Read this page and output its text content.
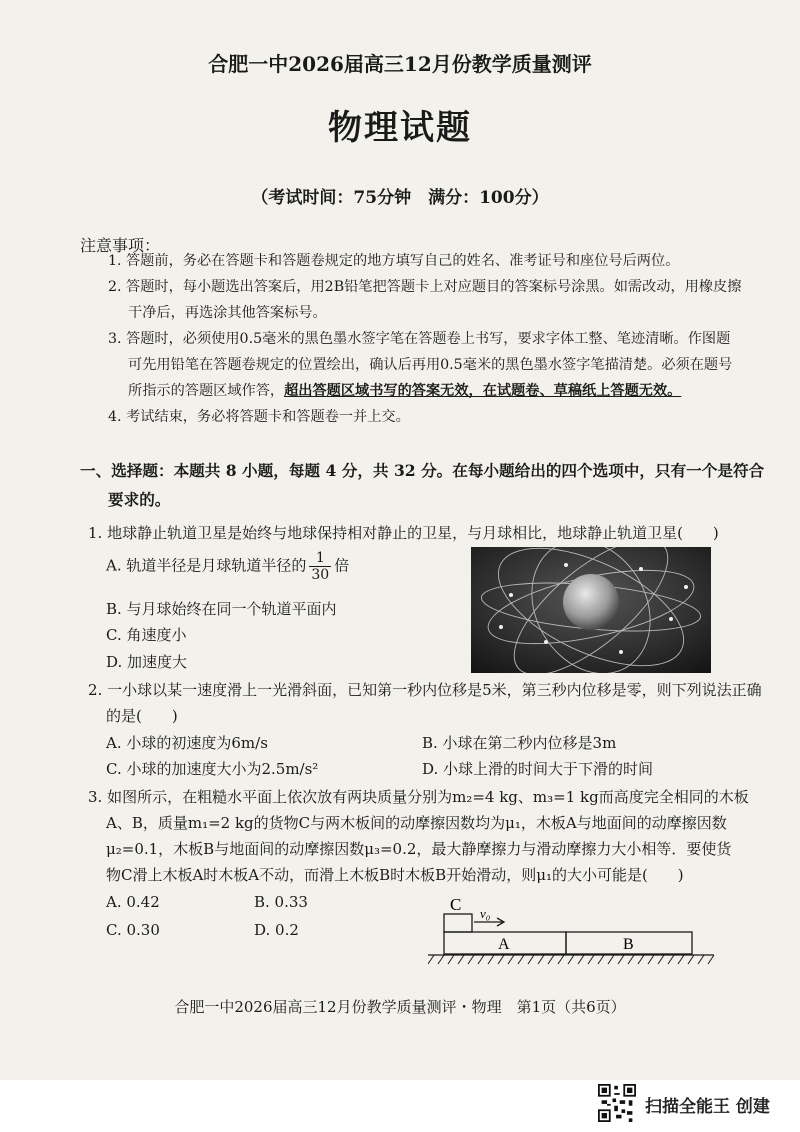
合肥一中2026届高三12月份教学质量测评
物理试题
（考试时间：75分钟　满分：100分）
注意事项：
1. 答题前，务必在答题卡和答题卷规定的地方填写自己的姓名、准考证号和座位号后两位。
2. 答题时，每小题选出答案后，用2B铅笔把答题卡上对应题目的答案标号涂黑。如需改动，用橡皮擦
干净后，再选涂其他答案标号。
3. 答题时，必须使用0.5毫米的黑色墨水签字笔在答题卷上书写，要求字体工整、笔迹清晰。作图题
可先用铅笔在答题卷规定的位置绘出，确认后再用0.5毫米的黑色墨水签字笔描清楚。必须在题号
所指示的答题区域作答，超出答题区域书写的答案无效，在试题卷、草稿纸上答题无效。
4. 考试结束，务必将答题卡和答题卷一并上交。
一、选择题：本题共 8 小题，每题 4 分，共 32 分。在每小题给出的四个选项中，只有一个是符合
要求的。
1. 地球静止轨道卫星是始终与地球保持相对静止的卫星，与月球相比，地球静止轨道卫星(　　)
A. 轨道半径是月球轨道半径的 $\frac{1}{30}$ 倍
B. 与月球始终在同一个轨道平面内
C. 角速度小
D. 加速度大
2. 一小球以某一速度滑上一光滑斜面，已知第一秒内位移是5米，第三秒内位移是零，则下列说法正确
的是(　　)
A. 小球的初速度为6m/s	B. 小球在第二秒内位移是3m
C. 小球的加速度大小为2.5m/s²	D. 小球上滑的时间大于下滑的时间
3. 如图所示，在粗糙水平面上依次放有两块质量分别为m₂=4 kg、m₃=1 kg而高度完全相同的木板
A、B，质量m₁=2 kg的货物C与两木板间的动摩擦因数均为μ₁，木板A与地面间的动摩擦因数
μ₂=0.1，木板B与地面间的动摩擦因数μ₃=0.2，最大静摩擦力与滑动摩擦力大小相等．要使货
物C滑上木板A时木板A不动，而滑上木板B时木板B开始滑动，则μ₁的大小可能是(　　)
A. 0.42	B. 0.33
C. 0.30	D. 0.2
C v₀
A	B
合肥一中2026届高三12月份教学质量测评・物理　第1页（共6页）
扫描全能王 创建
